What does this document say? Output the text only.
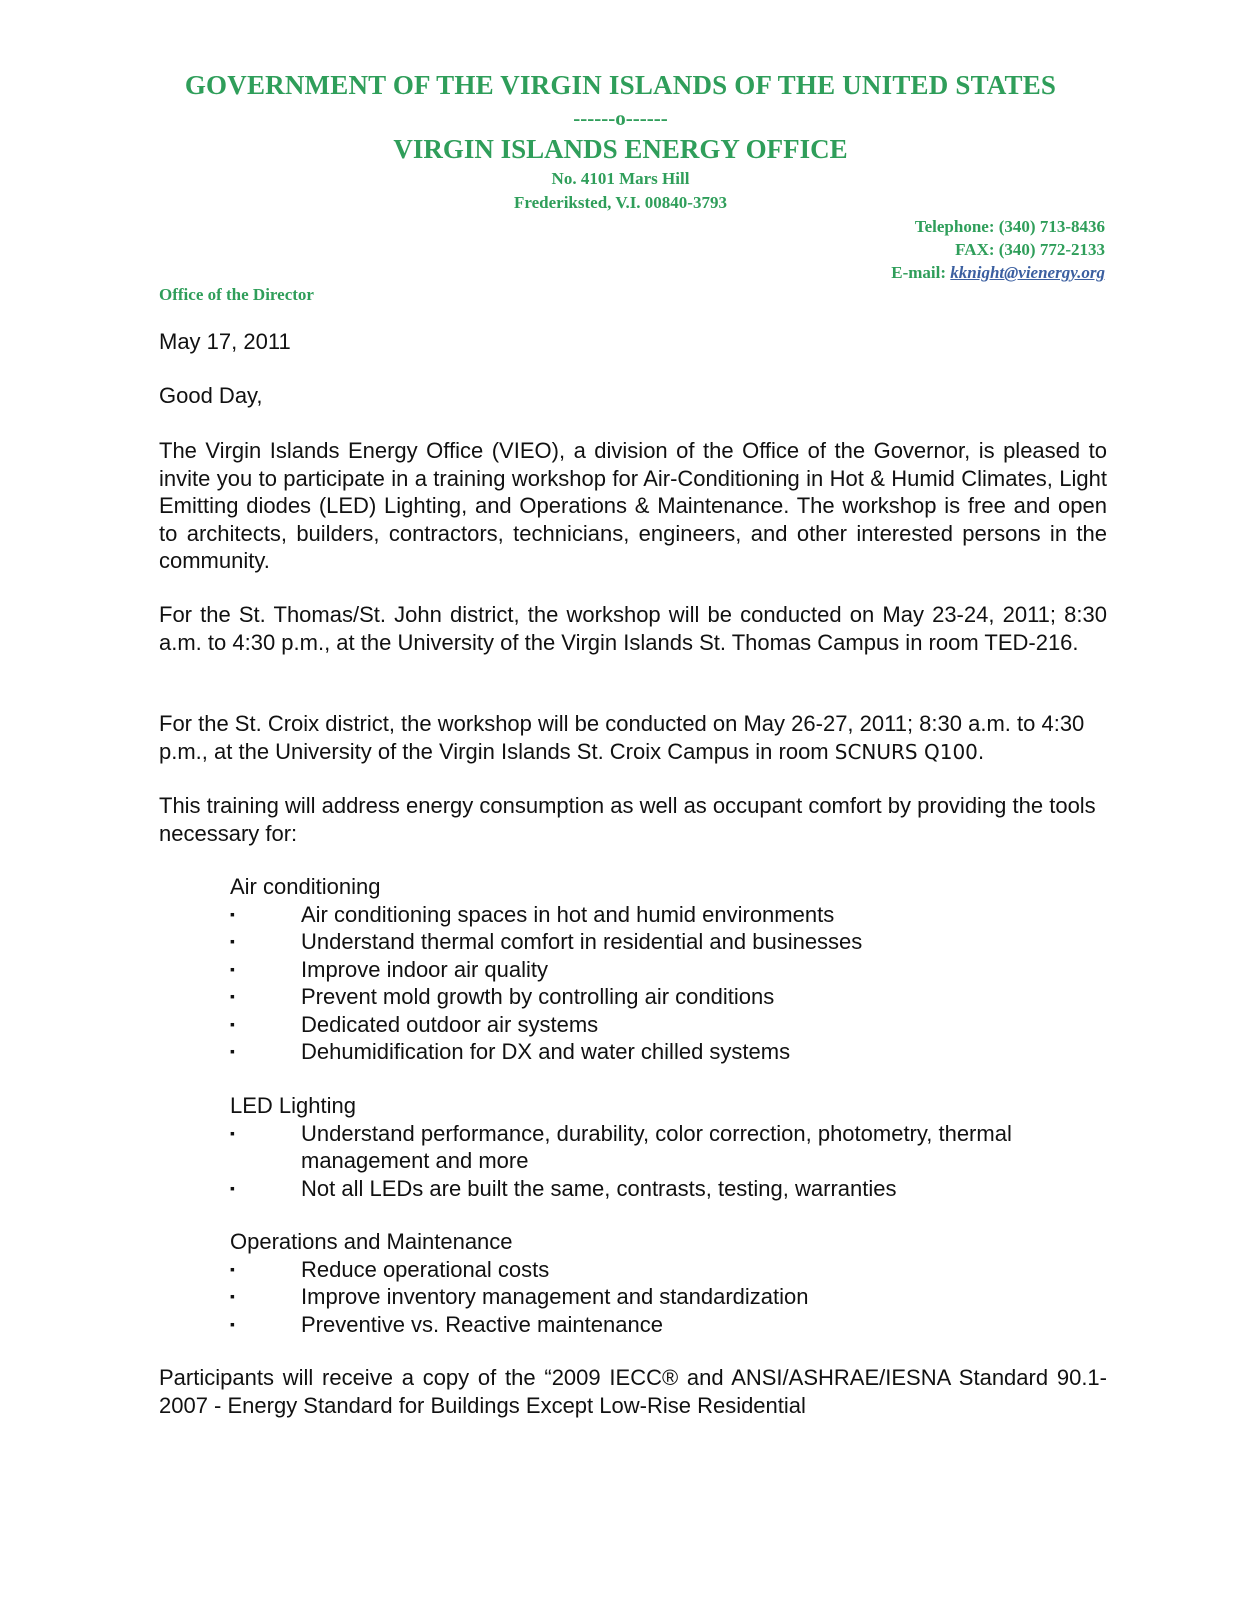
GOVERNMENT OF THE VIRGIN ISLANDS OF THE UNITED STATES
------o------
VIRGIN ISLANDS ENERGY OFFICE
No. 4101 Mars Hill
Frederiksted, V.I. 00840-3793
Telephone: (340) 713-8436
FAX: (340) 772-2133
E-mail: kknight@vienergy.org
Office of the Director
May 17, 2011
Good Day,
The Virgin Islands Energy Office (VIEO), a division of the Office of the Governor, is pleased to invite you to participate in a training workshop for Air-Conditioning in Hot & Humid Climates, Light Emitting diodes (LED) Lighting, and Operations & Maintenance. The workshop is free and open to architects, builders, contractors, technicians, engineers, and other interested persons in the community.
For the St. Thomas/St. John district, the workshop will be conducted on May 23-24, 2011; 8:30 a.m. to 4:30 p.m., at the University of the Virgin Islands St. Thomas Campus in room TED-216.
For the St. Croix district, the workshop will be conducted on May 26-27, 2011; 8:30 a.m. to 4:30 p.m., at the University of the Virgin Islands St. Croix Campus in room SCNURS Q100.
This training will address energy consumption as well as occupant comfort by providing the tools necessary for:
Air conditioning
▪	Air conditioning spaces in hot and humid environments
▪	Understand thermal comfort in residential and businesses
▪	Improve indoor air quality
▪	Prevent mold growth by controlling air conditions
▪	Dedicated outdoor air systems
▪	Dehumidification for DX and water chilled systems
LED Lighting
▪	Understand performance, durability, color correction, photometry, thermal management and more
▪	Not all LEDs are built the same, contrasts, testing, warranties
Operations and Maintenance
▪	Reduce operational costs
▪	Improve inventory management and standardization
▪	Preventive vs. Reactive maintenance
Participants will receive a copy of the “2009 IECC® and ANSI/ASHRAE/IESNA Standard 90.1-2007 - Energy Standard for Buildings Except Low-Rise Residential
